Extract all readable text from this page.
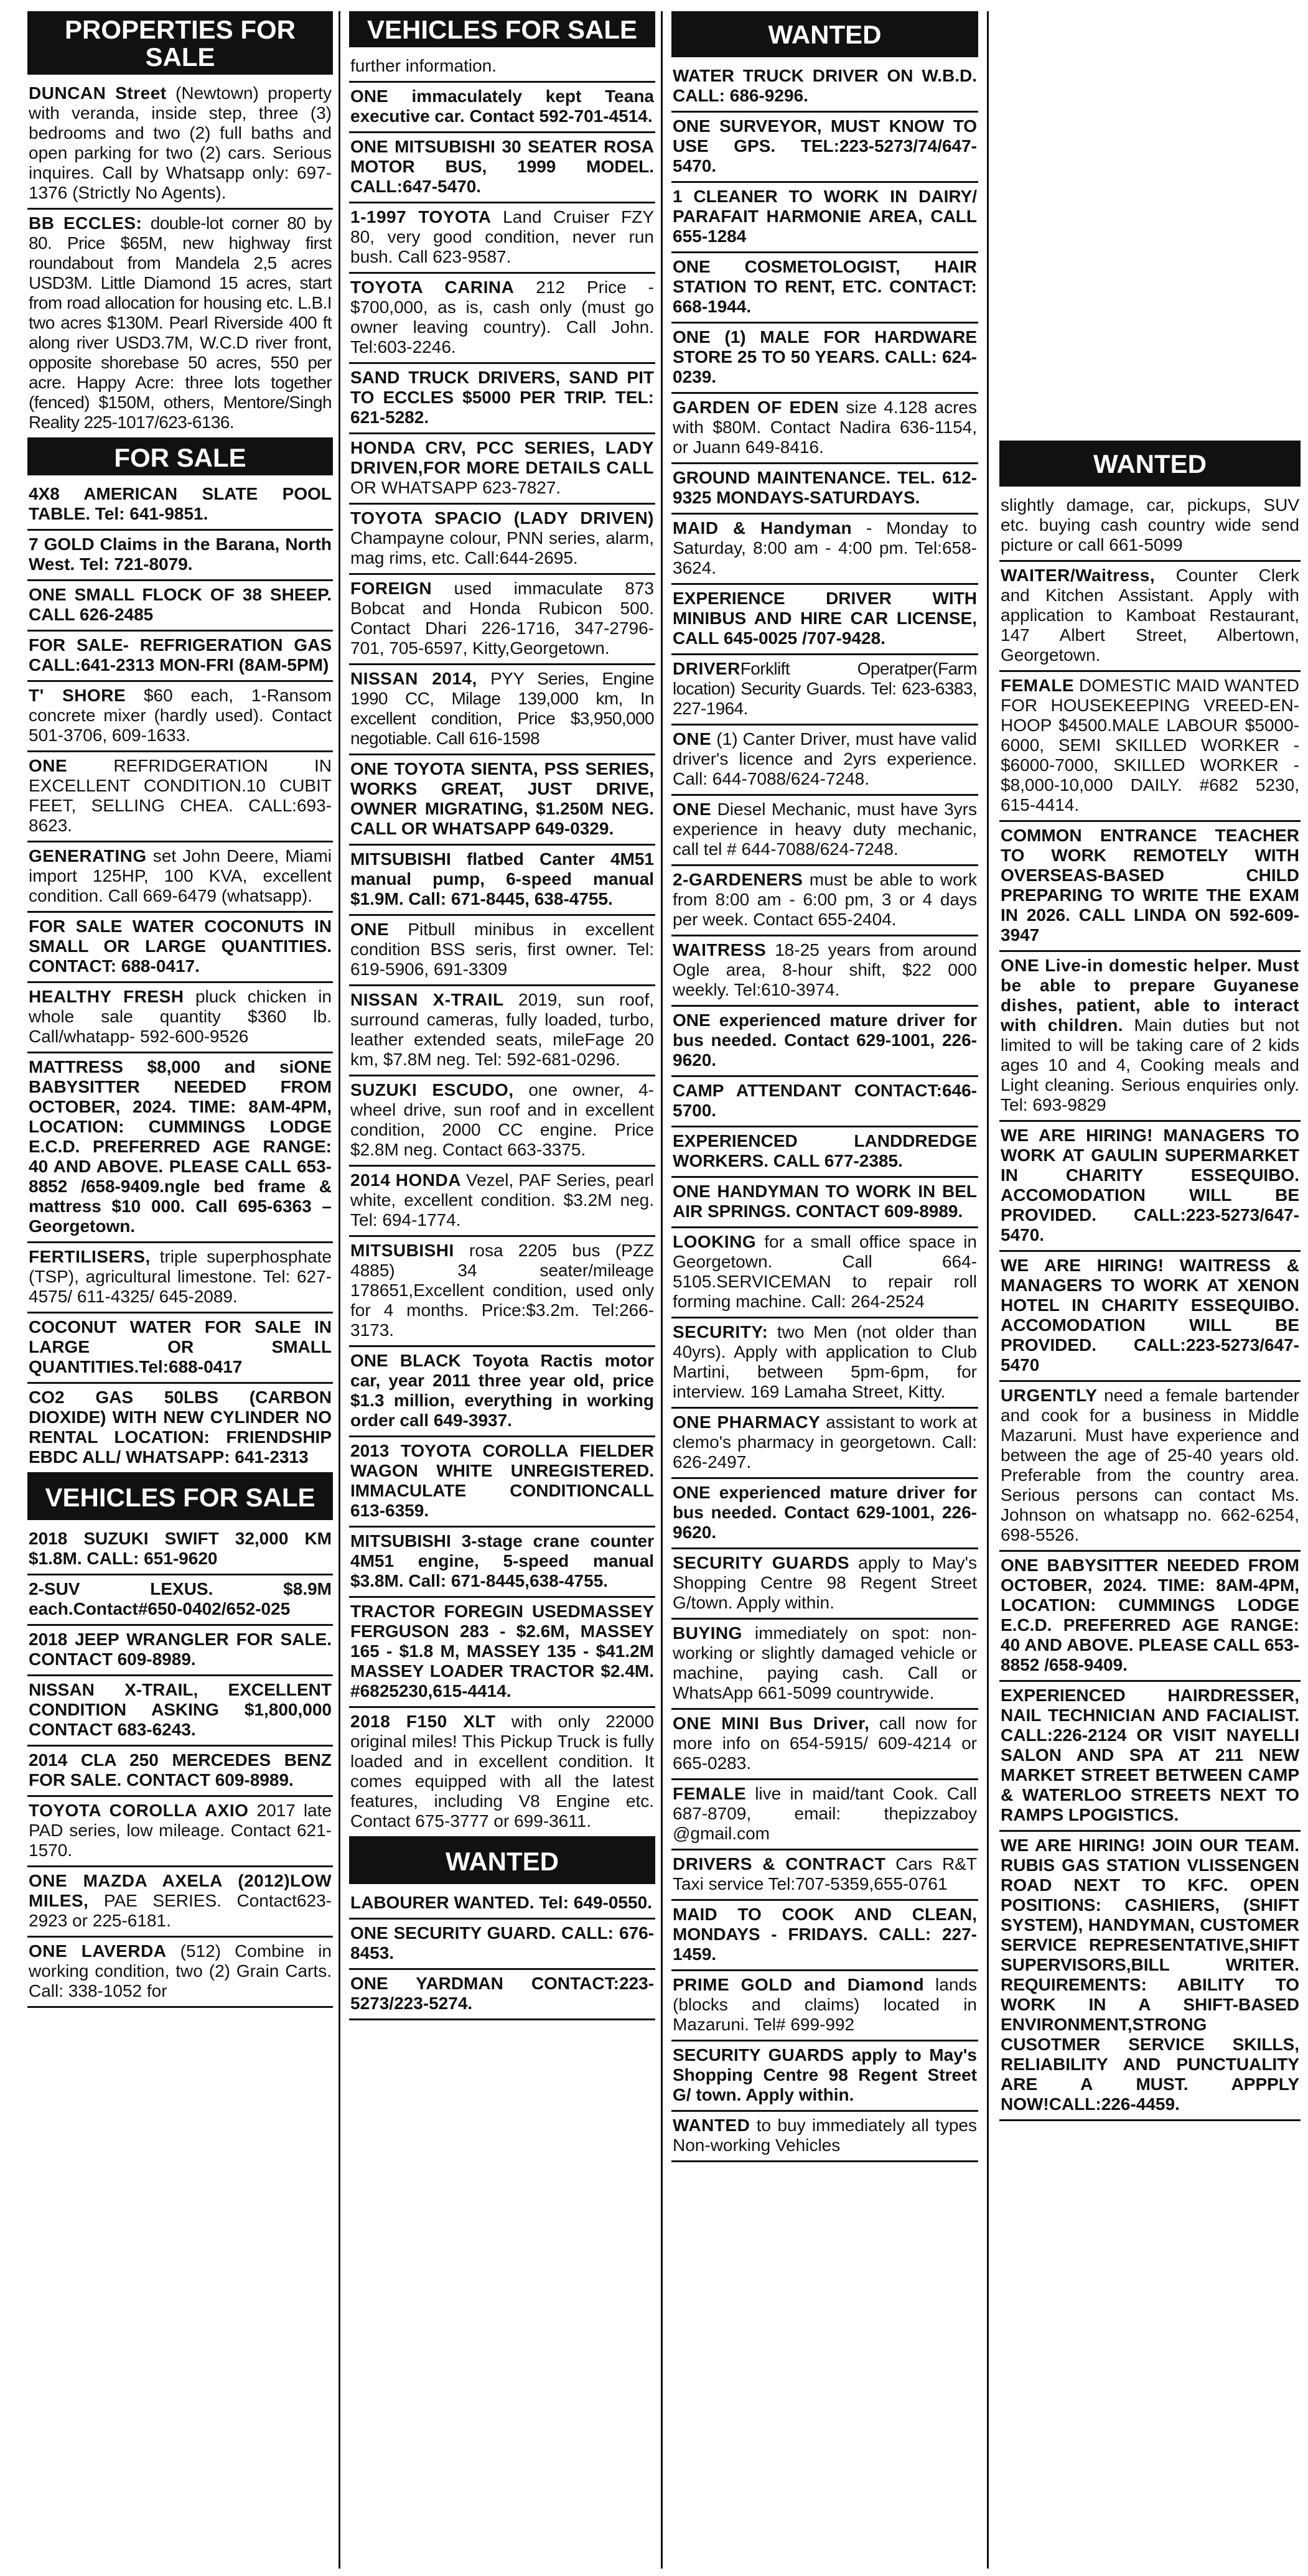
PROPERTIES FOR SALE
DUNCAN Street (Newtown) property with veranda, inside step, three (3) bedrooms and two (2) full baths and open parking for two (2) cars. Serious inquires. Call by Whatsapp only: 697-1376 (Strictly No Agents).
BB ECCLES: double-lot corner 80 by 80. Price $65M, new highway first roundabout from Mandela 2,5 acres USD3M. Little Diamond 15 acres, start from road allocation for housing etc. L.B.I two acres $130M. Pearl Riverside 400 ft along river USD3.7M, W.C.D river front, opposite shorebase 50 acres, 550 per acre. Happy Acre: three lots together (fenced) $150M, others, Mentore/Singh Reality 225-1017/623-6136.
FOR SALE
4X8 AMERICAN SLATE POOL TABLE. Tel: 641-9851.
7 GOLD Claims in the Barana, North West. Tel: 721-8079.
ONE SMALL FLOCK OF 38 SHEEP. CALL 626-2485
FOR SALE- REFRIGERATION GAS CALL:641-2313 MON-FRI (8AM-5PM)
T' SHORE $60 each, 1-Ransom concrete mixer (hardly used). Contact 501-3706, 609-1633.
ONE REFRIDGERATION IN EXCELLENT CONDITION.10 CUBIT FEET, SELLING CHEA. CALL:693-8623.
GENERATING set John Deere, Miami import 125HP, 100 KVA, excellent condition. Call 669-6479 (whatsapp).
FOR SALE WATER COCONUTS IN SMALL OR LARGE QUANTITIES. CONTACT: 688-0417.
HEALTHY FRESH pluck chicken in whole sale quantity $360 lb. Call/whatapp- 592-600-9526
MATTRESS $8,000 and siONE BABYSITTER NEEDED FROM OCTOBER, 2024. TIME: 8AM-4PM, LOCATION: CUMMINGS LODGE E.C.D. PREFERRED AGE RANGE: 40 AND ABOVE. PLEASE CALL 653-8852 /658-9409.ngle bed frame & mattress $10 000. Call 695-6363 – Georgetown.
FERTILISERS, triple superphosphate (TSP), agricultural limestone. Tel: 627-4575/ 611-4325/ 645-2089.
COCONUT WATER FOR SALE IN LARGE OR SMALL QUANTITIES.Tel:688-0417
CO2 GAS 50LBS (CARBON DIOXIDE) WITH NEW CYLINDER NO RENTAL LOCATION: FRIENDSHIP EBDC ALL/ WHATSAPP: 641-2313
VEHICLES FOR SALE
2018 SUZUKI SWIFT 32,000 KM $1.8M. CALL: 651-9620
2-SUV LEXUS. $8.9M each.Contact#650-0402/652-025
2018 JEEP WRANGLER FOR SALE. CONTACT 609-8989.
NISSAN X-TRAIL, EXCELLENT CONDITION ASKING $1,800,000 CONTACT 683-6243.
2014 CLA 250 MERCEDES BENZ FOR SALE. CONTACT 609-8989.
TOYOTA COROLLA AXIO 2017 late PAD series, low mileage. Contact 621-1570.
ONE MAZDA AXELA (2012)LOW MILES, PAE SERIES. Contact623-2923 or 225-6181.
ONE LAVERDA (512) Combine in working condition, two (2) Grain Carts. Call: 338-1052 for
VEHICLES FOR SALE
further information.
ONE immaculately kept Teana executive car. Contact 592-701-4514.
ONE MITSUBISHI 30 SEATER ROSA MOTOR BUS, 1999 MODEL. CALL:647-5470.
1-1997 TOYOTA Land Cruiser FZY 80, very good condition, never run bush. Call 623-9587.
TOYOTA CARINA 212 Price - $700,000, as is, cash only (must go owner leaving country). Call John. Tel:603-2246.
SAND TRUCK DRIVERS, SAND PIT TO ECCLES $5000 PER TRIP. TEL: 621-5282.
HONDA CRV, PCC SERIES, LADY DRIVEN,FOR MORE DETAILS CALL OR WHATSAPP 623-7827.
TOYOTA SPACIO (LADY DRIVEN) Champayne colour, PNN series, alarm, mag rims, etc. Call:644-2695.
FOREIGN used immaculate 873 Bobcat and Honda Rubicon 500. Contact Dhari 226-1716, 347-2796-701, 705-6597, Kitty,Georgetown.
NISSAN 2014, PYY Series, Engine 1990 CC, Milage 139,000 km, In excellent condition, Price $3,950,000 negotiable. Call 616-1598
ONE TOYOTA SIENTA, PSS SERIES, WORKS GREAT, JUST DRIVE, OWNER MIGRATING, $1.250M NEG. CALL OR WHATSAPP 649-0329.
MITSUBISHI flatbed Canter 4M51 manual pump, 6-speed manual $1.9M. Call: 671-8445, 638-4755.
ONE Pitbull minibus in excellent condition BSS seris, first owner. Tel: 619-5906, 691-3309
NISSAN X-TRAIL 2019, sun roof, surround cameras, fully loaded, turbo, leather extended seats, mileFage 20 km, $7.8M neg. Tel: 592-681-0296.
SUZUKI ESCUDO, one owner, 4-wheel drive, sun roof and in excellent condition, 2000 CC engine. Price $2.8M neg. Contact 663-3375.
2014 HONDA Vezel, PAF Series, pearl white, excellent condition. $3.2M neg. Tel: 694-1774.
MITSUBISHI rosa 2205 bus (PZZ 4885) 34 seater/mileage 178651,Excellent condition, used only for 4 months. Price:$3.2m. Tel:266-3173.
ONE BLACK Toyota Ractis motor car, year 2011 three year old, price $1.3 million, everything in working order call 649-3937.
2013 TOYOTA COROLLA FIELDER WAGON WHITE UNREGISTERED. IMMACULATE CONDITIONCALL 613-6359.
MITSUBISHI 3-stage crane counter 4M51 engine, 5-speed manual $3.8M. Call: 671-8445,638-4755.
TRACTOR FOREGIN USEDMASSEY FERGUSON 283 - $2.6M, MASSEY 165 - $1.8 M, MASSEY 135 - $41.2M MASSEY LOADER TRACTOR $2.4M. #6825230,615-4414.
2018 F150 XLT with only 22000 original miles! This Pickup Truck is fully loaded and in excellent condition. It comes equipped with all the latest features, including V8 Engine etc. Contact 675-3777 or 699-3611.
WANTED
LABOURER WANTED. Tel: 649-0550.
ONE SECURITY GUARD. CALL: 676-8453.
ONE YARDMAN CONTACT:223-5273/223-5274.
WANTED
WATER TRUCK DRIVER ON W.B.D. CALL: 686-9296.
ONE SURVEYOR, MUST KNOW TO USE GPS. TEL:223-5273/74/647-5470.
1 CLEANER TO WORK IN DAIRY/ PARAFAIT HARMONIE AREA, CALL 655-1284
ONE COSMETOLOGIST, HAIR STATION TO RENT, ETC. CONTACT: 668-1944.
ONE (1) MALE FOR HARDWARE STORE 25 TO 50 YEARS. CALL: 624-0239.
GARDEN OF EDEN size 4.128 acres with $80M. Contact Nadira 636-1154, or Juann 649-8416.
GROUND MAINTENANCE. TEL. 612-9325 MONDAYS-SATURDAYS.
MAID & Handyman - Monday to Saturday, 8:00 am - 4:00 pm. Tel:658-3624.
EXPERIENCE DRIVER WITH MINIBUS AND HIRE CAR LICENSE, CALL 645-0025 /707-9428.
DRIVERForklift Operatper(Farm location) Security Guards. Tel: 623-6383, 227-1964.
ONE (1) Canter Driver, must have valid driver's licence and 2yrs experience. Call: 644-7088/624-7248.
ONE Diesel Mechanic, must have 3yrs experience in heavy duty mechanic, call tel # 644-7088/624-7248.
2-GARDENERS must be able to work from 8:00 am - 6:00 pm, 3 or 4 days per week. Contact 655-2404.
WAITRESS 18-25 years from around Ogle area, 8-hour shift, $22 000 weekly. Tel:610-3974.
ONE experienced mature driver for bus needed. Contact 629-1001, 226-9620.
CAMP ATTENDANT CONTACT:646-5700.
EXPERIENCED LANDDREDGE WORKERS. CALL 677-2385.
ONE HANDYMAN TO WORK IN BEL AIR SPRINGS. CONTACT 609-8989.
LOOKING for a small office space in Georgetown. Call 664-5105.SERVICEMAN to repair roll forming machine. Call: 264-2524
SECURITY: two Men (not older than 40yrs). Apply with application to Club Martini, between 5pm-6pm, for interview. 169 Lamaha Street, Kitty.
ONE PHARMACY assistant to work at clemo's pharmacy in georgetown. Call: 626-2497.
ONE experienced mature driver for bus needed. Contact 629-1001, 226-9620.
SECURITY GUARDS apply to May's Shopping Centre 98 Regent Street G/town. Apply within.
BUYING immediately on spot: non-working or slightly damaged vehicle or machine, paying cash. Call or WhatsApp 661-5099 countrywide.
ONE MINI Bus Driver, call now for more info on 654-5915/ 609-4214 or 665-0283.
FEMALE live in maid/tant Cook. Call 687-8709, email: thepizzaboy @gmail.com
DRIVERS & CONTRACT Cars R&T Taxi service Tel:707-5359,655-0761
MAID TO COOK AND CLEAN, MONDAYS - FRIDAYS. CALL: 227-1459.
PRIME GOLD and Diamond lands (blocks and claims) located in Mazaruni. Tel# 699-992
SECURITY GUARDS apply to May's Shopping Centre 98 Regent Street G/ town. Apply within.
WANTED to buy immediately all types Non-working Vehicles
WANTED
slightly damage, car, pickups, SUV etc. buying cash country wide send picture or call 661-5099
WAITER/Waitress, Counter Clerk and Kitchen Assistant. Apply with application to Kamboat Restaurant, 147 Albert Street, Albertown, Georgetown.
FEMALE DOMESTIC MAID WANTED FOR HOUSEKEEPING VREED-EN-HOOP $4500.MALE LABOUR $5000-6000, SEMI SKILLED WORKER - $6000-7000, SKILLED WORKER - $8,000-10,000 DAILY. #682 5230, 615-4414.
COMMON ENTRANCE TEACHER TO WORK REMOTELY WITH OVERSEAS-BASED CHILD PREPARING TO WRITE THE EXAM IN 2026. CALL LINDA ON 592-609-3947
ONE Live-in domestic helper. Must be able to prepare Guyanese dishes, patient, able to interact with children. Main duties but not limited to will be taking care of 2 kids ages 10 and 4, Cooking meals and Light cleaning. Serious enquiries only. Tel: 693-9829
WE ARE HIRING! MANAGERS TO WORK AT GAULIN SUPERMARKET IN CHARITY ESSEQUIBO. ACCOMODATION WILL BE PROVIDED. CALL:223-5273/647-5470.
WE ARE HIRING! WAITRESS & MANAGERS TO WORK AT XENON HOTEL IN CHARITY ESSEQUIBO. ACCOMODATION WILL BE PROVIDED. CALL:223-5273/647-5470
URGENTLY need a female bartender and cook for a business in Middle Mazaruni. Must have experience and between the age of 25-40 years old. Preferable from the country area. Serious persons can contact Ms. Johnson on whatsapp no. 662-6254, 698-5526.
ONE BABYSITTER NEEDED FROM OCTOBER, 2024. TIME: 8AM-4PM, LOCATION: CUMMINGS LODGE E.C.D. PREFERRED AGE RANGE: 40 AND ABOVE. PLEASE CALL 653-8852 /658-9409.
EXPERIENCED HAIRDRESSER, NAIL TECHNICIAN AND FACIALIST. CALL:226-2124 OR VISIT NAYELLI SALON AND SPA AT 211 NEW MARKET STREET BETWEEN CAMP & WATERLOO STREETS NEXT TO RAMPS LPOGISTICS.
WE ARE HIRING! JOIN OUR TEAM. RUBIS GAS STATION VLISSENGEN ROAD NEXT TO KFC. OPEN POSITIONS: CASHIERS, (SHIFT SYSTEM), HANDYMAN, CUSTOMER SERVICE REPRESENTATIVE,SHIFT SUPERVISORS,BILL WRITER. REQUIREMENTS: ABILITY TO WORK IN A SHIFT-BASED ENVIRONMENT,STRONG CUSOTMER SERVICE SKILLS, RELIABILITY AND PUNCTUALITY ARE A MUST. APPPLY NOW!CALL:226-4459.
